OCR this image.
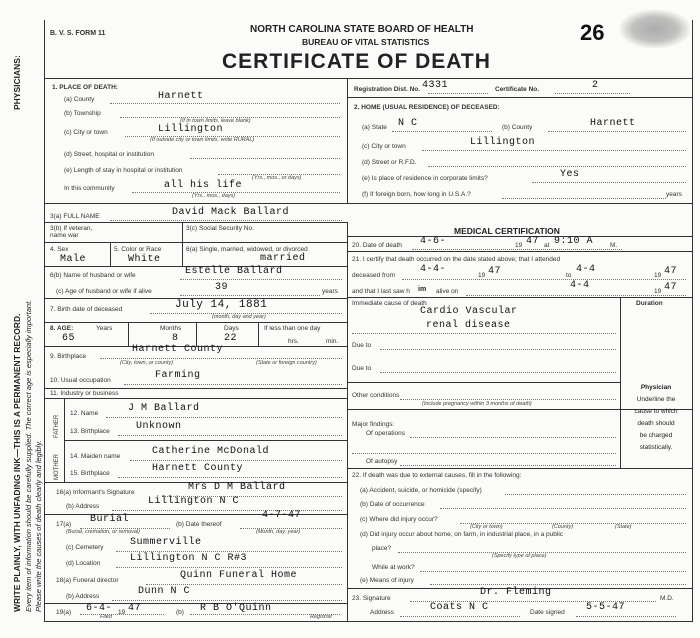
WRITE PLAINLY, WITH UNFADING INK—THIS IS A PERMANENT RECORD. Every item of information should be carefully supplied. The correct age is especially important. Please write the causes of death clearly and legibly.
PHYSICIANS:
B. V. S. FORM 11	NORTH CAROLINA STATE BOARD OF HEALTH
BUREAU OF VITAL STATISTICS
CERTIFICATE OF DEATH
26
1. PLACE OF DEATH:
(a) County	Harnett
(b) Township
(If in town limits, leave blank)
(c) City or town	Lillington
(If outside city or town limits, write RURAL)
(d) Street, hospital or institution
(e) Length of stay in hospital or institution
(Yrs., mos., or days)
In this community	all his life
(Yrs., mos., days)
Registration Dist. No. 4331	Certificate No.	2
2. HOME (USUAL RESIDENCE) OF DECEASED:
(a) State N C	(b) County	Harnett
(c) City or town	Lillington
(d) Street or R.F.D.
(e) Is place of residence in corporate limits?	Yes
(f) If foreign born, how long in U.S.A.?	years
3(a) FULL NAME	David Mack Ballard
3(b) If veteran, name war
3(c) Social Security No.
4. Sex
Male
5. Color or Race
White
6(a) Single, married, widowed, or divorced
married
6(b) Name of husband or wife	Estelle Ballard
(c) Age of husband or wife if alive	39	years
7. Birth date of deceased	July 14, 1881
(month, day and year)
8. AGE:	Years
65
Months
8
Days
22
If less than one day
hrs.	min.
9. Birthplace
Harnett County
(City, town, or county)	(State or foreign country)
10. Usual occupation	Farming
11. Industry or business
FATHER
MOTHER
12. Name	J M Ballard
13. Birthplace	Unknown
14. Maiden name	Catherine McDonald
15. Birthplace	Harnett County
16(a) Informant's Signature	Mrs D M Ballard
(b) Address	Lillington N C
17(a) Burial
(Burial, cremation, or removal)
(b) Date thereof
4-7-47
(Month, day, year)
(c) Cemetery	Summerville
(d) Location	Lillington N C R#3
18(a) Funeral director	Quinn Funeral Home
(b) Address	Dunn N C
19(a) 6-4- 19 47
Filed
(b) R B O'Quinn
Registrar
MEDICAL CERTIFICATION
20. Date of death 4-6-	19 47 at 9:10 A	M.
21. I certify that death occurred on the date stated above; that I attended
deceased from
4-4-
19 47	to
4-4
19 47
and that I last saw h im alive on
4-4
19 47
Immediate cause of death	Duration
Cardio Vascular
renal disease
Due to
Due to
Other conditions
(Include pregnancy within 3 months of death)
Major findings:
Of operations
Of autopsy
Physician
Underline the
cause to which
death should
be charged
statistically.
22. If death was due to external causes, fill in the following:
(a) Accident, suicide, or homicide (specify)
(b) Date of occurrence
(c) Where did injury occur?
(City or town)	(County)	(State)
(d) Did injury occur about home, on farm, in industrial place, in a public
place?
(Specify type of place)
While at work?
(e) Means of injury
23. Signature
Dr. Fleming
M.D.
Address	Coats N C	Date signed 5-5-47
